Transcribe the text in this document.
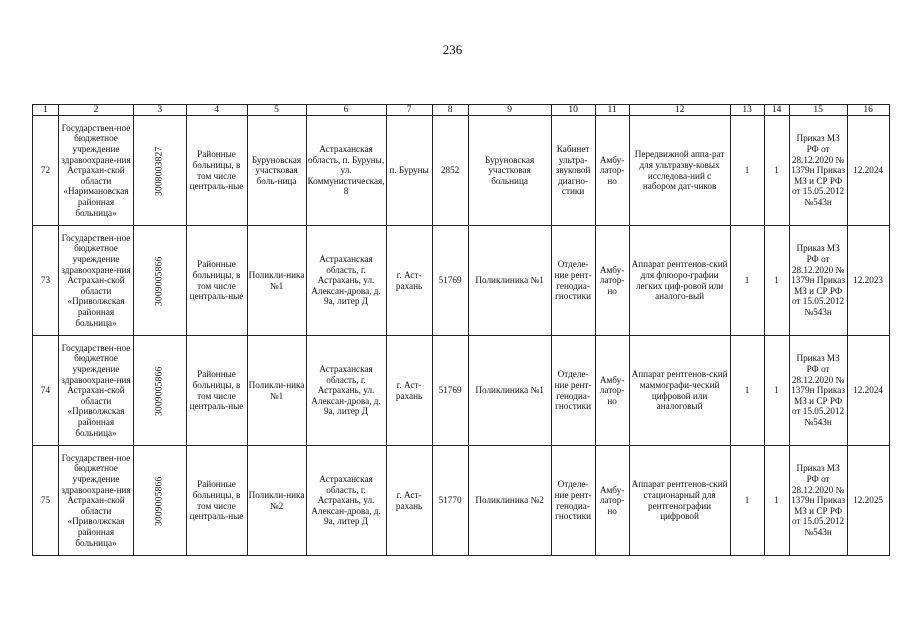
236
1	2	3	4	5	6	7	8	9	10	11	12	13	14	15	16
72	Государствен-ное бюджетное учреждение здравоохране-ния Астрахан-ской области «Наримановская районная больница»	3008003827	Районные больницы, в том числе централь-ные	Буруновская участковая боль-ница	Астраханская область, п. Буруны, ул. Коммунистическая, 8	п. Буруны	2852	Буруновская участковая больница	Кабинет ультра-звуковой диагно-стики	Амбу-латор-но	Передвижной аппа-рат для ультразву-ковых исследова-ний с набором дат-чиков	1	1	Приказ МЗ РФ от 28.12.2020 № 1379н Приказ МЗ и СР РФ от 15.05.2012 №543н	12.2024
73	Государствен-ное бюджетное учреждение здравоохране-ния Астрахан-ской области «Приволжская районная больница»	3009005866	Районные больницы, в том числе централь-ные	Поликли-ника №1	Астраханская область, г. Астрахань, ул. Алексан-дрова, д. 9а, литер Д	г. Аст-рахань	51769	Поликлиника №1	Отделе-ние рент-генодиа-гностики	Амбу-латор-но	Аппарат рентгенов-ский для флюоро-графии легких циф-ровой или аналого-вый	1	1	Приказ МЗ РФ от 28.12.2020 № 1379н Приказ МЗ и СР РФ от 15.05.2012 №543н	12.2023
74	Государствен-ное бюджетное учреждение здравоохране-ния Астрахан-ской области «Приволжская районная больница»	3009005866	Районные больницы, в том числе централь-ные	Поликли-ника №1	Астраханская область, г. Астрахань, ул. Алексан-дрова, д. 9а, литер Д	г. Аст-рахань	51769	Поликлиника №1	Отделе-ние рент-генодиа-гностики	Амбу-латор-но	Аппарат рентгенов-ский маммографи-ческий цифровой или аналоговый	1	1	Приказ МЗ РФ от 28.12.2020 № 1379н Приказ МЗ и СР РФ от 15.05.2012 №543н	12.2024
75	Государствен-ное бюджетное учреждение здравоохране-ния Астрахан-ской области «Приволжская районная больница»	3009005866	Районные больницы, в том числе централь-ные	Поликли-ника №2	Астраханская область, г. Астрахань, ул. Алексан-дрова, д. 9а, литер Д	г. Аст-рахань	51770	Поликлиника №2	Отделе-ние рент-генодиа-гностики	Амбу-латор-но	Аппарат рентгенов-ский стационарный для рентгенографии цифровой	1	1	Приказ МЗ РФ от 28.12.2020 № 1379н Приказ МЗ и СР РФ от 15.05.2012 №543н	12.2025
